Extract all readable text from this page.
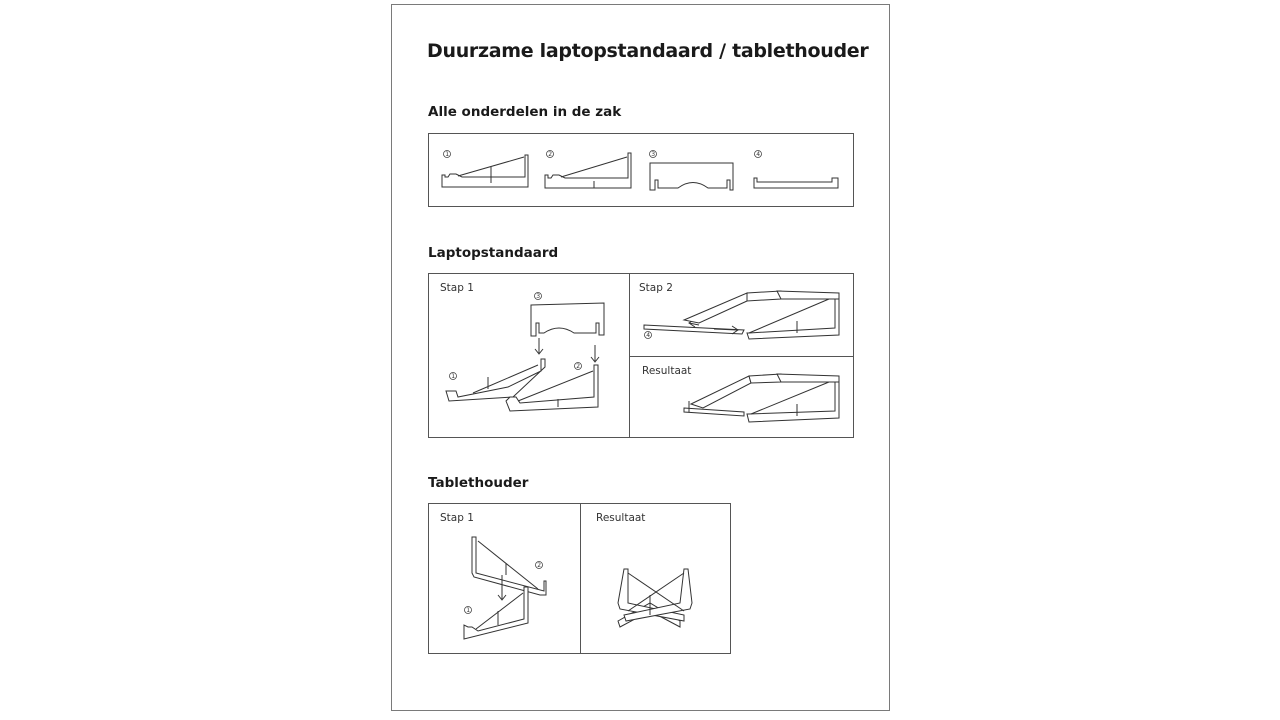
Duurzame laptopstandaard / tablethouder
Alle onderdelen in de zak
1	2	3	4
Laptopstandaard
Stap 1	Stap 2
Resultaat
3
1
2
4
Tablethouder
Stap 1	Resultaat
2
1
